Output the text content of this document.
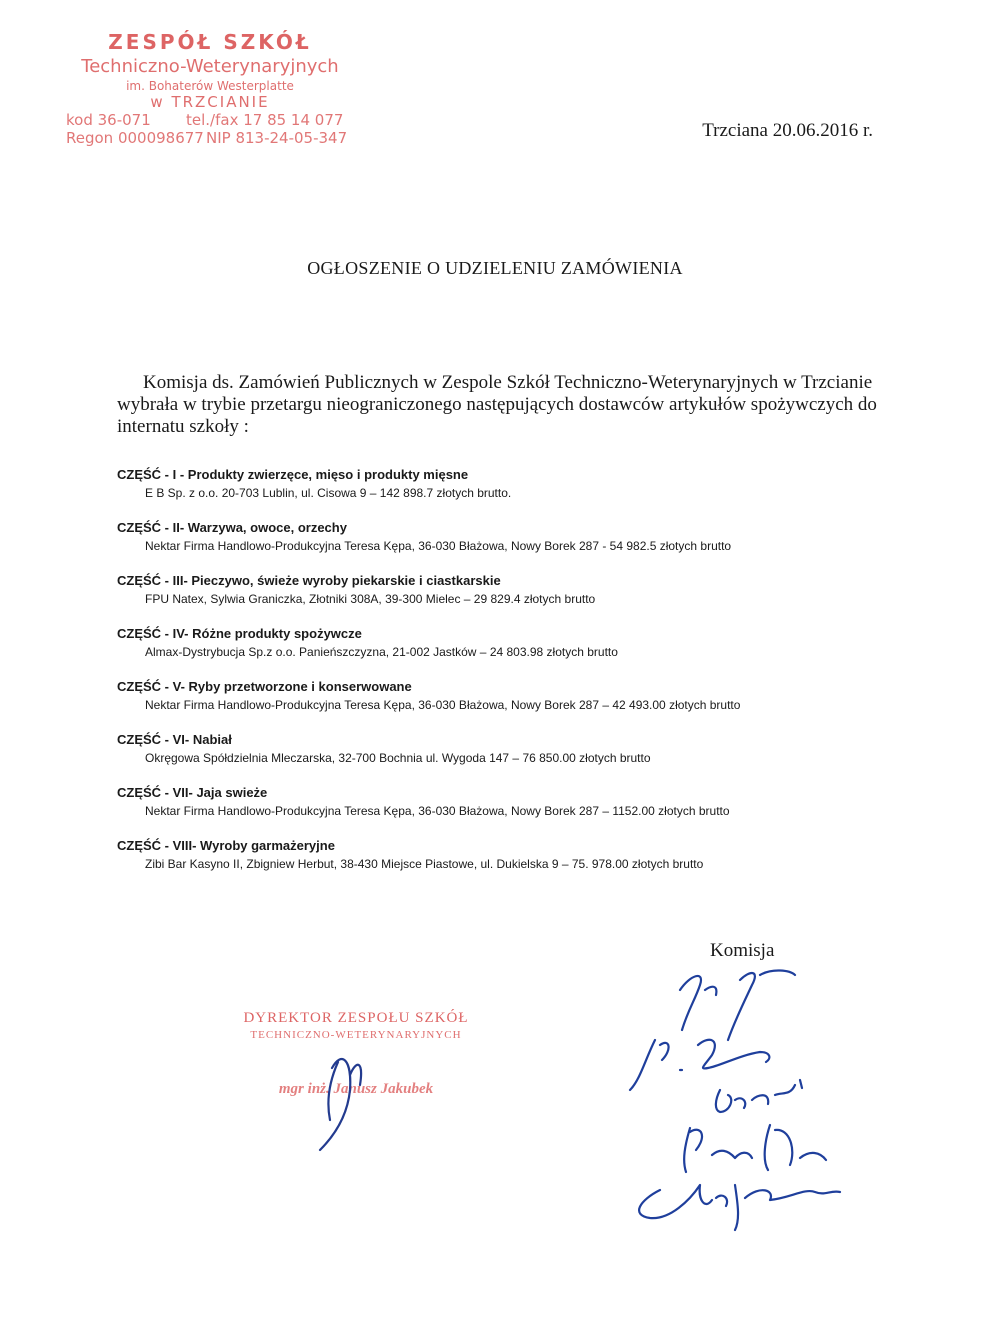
ZESPÓŁ SZKÓŁ
Techniczno-Weterynaryjnych
im. Bohaterów Westerplatte
w TRZCIANIE
kod 36-071 tel./fax 17 85 14 077
Regon 000098677 NIP 813-24-05-347	Trzciana 20.06.2016 r.
OGŁOSZENIE O UDZIELENIU ZAMÓWIENIA
Komisja ds. Zamówień Publicznych w Zespole Szkół Techniczno-Weterynaryjnych w Trzcianie wybrała w trybie przetargu nieograniczonego następujących dostawców artykułów spożywczych do internatu szkoły :
CZĘŚĆ - I - Produkty zwierzęce, mięso i produkty mięsne
E B Sp. z o.o. 20-703 Lublin, ul. Cisowa 9 – 142 898.7 złotych brutto.
CZĘŚĆ - II- Warzywa, owoce, orzechy
Nektar Firma Handlowo-Produkcyjna Teresa Kępa, 36-030 Błażowa, Nowy Borek 287 - 54 982.5 złotych brutto
CZĘŚĆ - III- Pieczywo, świeże wyroby piekarskie i ciastkarskie
FPU Natex, Sylwia Graniczka, Złotniki 308A, 39-300 Mielec – 29 829.4 złotych brutto
CZĘŚĆ - IV- Różne produkty spożywcze
Almax-Dystrybucja Sp.z o.o. Panieńszczyzna, 21-002 Jastków – 24 803.98 złotych brutto
CZĘŚĆ - V- Ryby przetworzone i konserwowane
Nektar Firma Handlowo-Produkcyjna Teresa Kępa, 36-030 Błażowa, Nowy Borek 287 – 42 493.00 złotych brutto
CZĘŚĆ - VI- Nabiał
Okręgowa Spółdzielnia Mleczarska, 32-700 Bochnia ul. Wygoda 147 – 76 850.00 złotych brutto
CZĘŚĆ - VII- Jaja swieże
Nektar Firma Handlowo-Produkcyjna Teresa Kępa, 36-030 Błażowa, Nowy Borek 287 – 1152.00 złotych brutto
CZĘŚĆ - VIII- Wyroby garmażeryjne
Zibi Bar Kasyno II, Zbigniew Herbut, 38-430 Miejsce Piastowe, ul. Dukielska 9 – 75. 978.00 złotych brutto
Komisja
DYREKTOR ZESPOŁU SZKÓŁ
TECHNICZNO-WETERYNARYJNYCH
mgr inż. Janusz Jakubek
